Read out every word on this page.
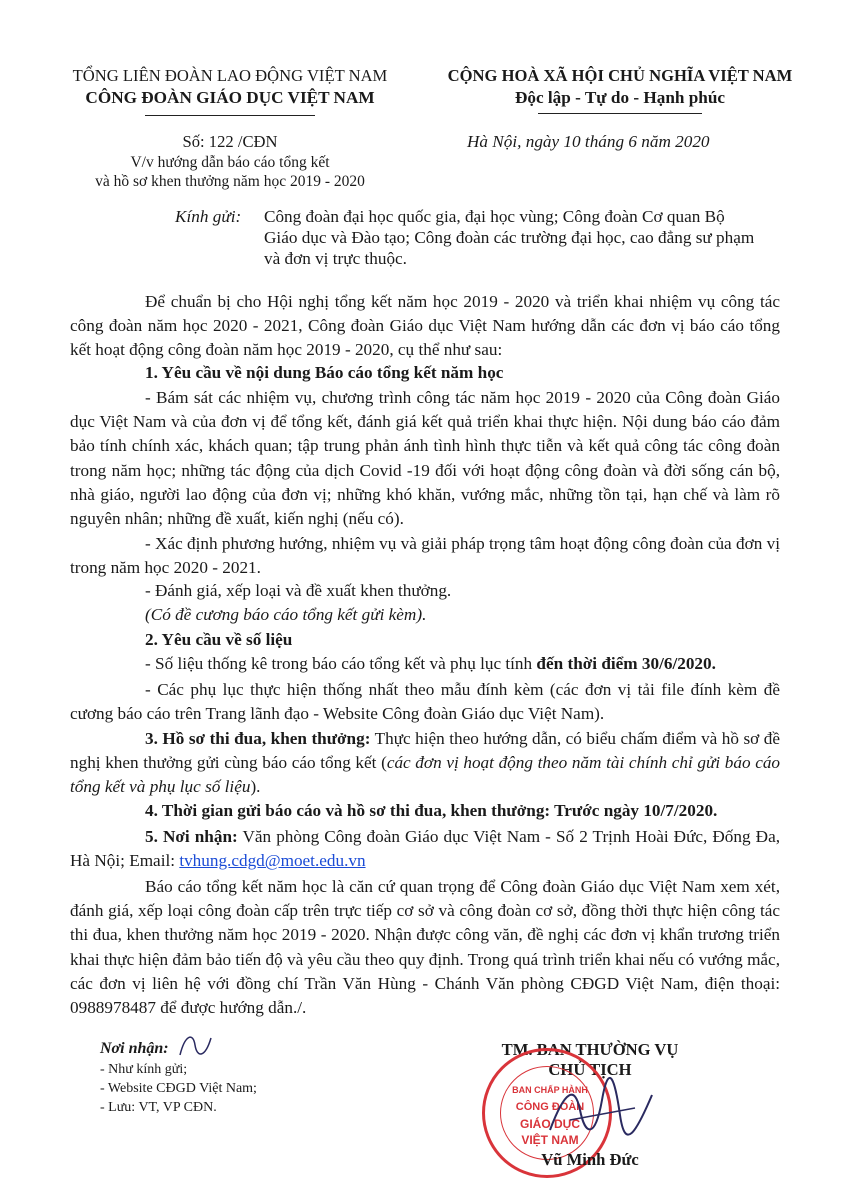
TỔNG LIÊN ĐOÀN LAO ĐỘNG VIỆT NAM
CÔNG ĐOÀN GIÁO DỤC VIỆT NAM
Số: 122 /CĐN
V/v hướng dẫn báo cáo tổng kết
và hồ sơ khen thưởng năm học 2019 - 2020
CỘNG HOÀ XÃ HỘI CHỦ NGHĨA VIỆT NAM
Độc lập - Tự do - Hạnh phúc
Hà Nội, ngày 10 tháng 6 năm 2020
Kính gửi: Công đoàn đại học quốc gia, đại học vùng; Công đoàn Cơ quan Bộ
Giáo dục và Đào tạo; Công đoàn các trường đại học, cao đẳng sư phạm
và đơn vị trực thuộc.
Để chuẩn bị cho Hội nghị tổng kết năm học 2019 - 2020 và triển khai nhiệm vụ công tác công đoàn năm học 2020 - 2021, Công đoàn Giáo dục Việt Nam hướng dẫn các đơn vị báo cáo tổng kết hoạt động công đoàn năm học 2019 - 2020, cụ thể như sau:
1. Yêu cầu về nội dung Báo cáo tổng kết năm học
- Bám sát các nhiệm vụ, chương trình công tác năm học 2019 - 2020 của Công đoàn Giáo dục Việt Nam và của đơn vị để tổng kết, đánh giá kết quả triển khai thực hiện. Nội dung báo cáo đảm bảo tính chính xác, khách quan; tập trung phản ánh tình hình thực tiễn và kết quả công tác công đoàn trong năm học; những tác động của dịch Covid -19 đối với hoạt động công đoàn và đời sống cán bộ, nhà giáo, người lao động của đơn vị; những khó khăn, vướng mắc, những tồn tại, hạn chế và làm rõ nguyên nhân; những đề xuất, kiến nghị (nếu có).
- Xác định phương hướng, nhiệm vụ và giải pháp trọng tâm hoạt động công đoàn của đơn vị trong năm học 2020 - 2021.
- Đánh giá, xếp loại và đề xuất khen thưởng.
(Có đề cương báo cáo tổng kết gửi kèm).
2. Yêu cầu về số liệu
- Số liệu thống kê trong báo cáo tổng kết và phụ lục tính đến thời điểm 30/6/2020.
- Các phụ lục thực hiện thống nhất theo mẫu đính kèm (các đơn vị tải file đính kèm đề cương báo cáo trên Trang lãnh đạo - Website Công đoàn Giáo dục Việt Nam).
3. Hồ sơ thi đua, khen thưởng: Thực hiện theo hướng dẫn, có biểu chấm điểm và hồ sơ đề nghị khen thưởng gửi cùng báo cáo tổng kết (các đơn vị hoạt động theo năm tài chính chỉ gửi báo cáo tổng kết và phụ lục số liệu).
4. Thời gian gửi báo cáo và hồ sơ thi đua, khen thưởng: Trước ngày 10/7/2020.
5. Nơi nhận: Văn phòng Công đoàn Giáo dục Việt Nam - Số 2 Trịnh Hoài Đức, Đống Đa, Hà Nội; Email: tvhung.cdgd@moet.edu.vn
Báo cáo tổng kết năm học là căn cứ quan trọng để Công đoàn Giáo dục Việt Nam xem xét, đánh giá, xếp loại công đoàn cấp trên trực tiếp cơ sở và công đoàn cơ sở, đồng thời thực hiện công tác thi đua, khen thưởng năm học 2019 - 2020. Nhận được công văn, đề nghị các đơn vị khẩn trương triển khai thực hiện đảm bảo tiến độ và yêu cầu theo quy định. Trong quá trình triển khai nếu có vướng mắc, các đơn vị liên hệ với đồng chí Trần Văn Hùng - Chánh Văn phòng CĐGD Việt Nam, điện thoại: 0988978487 để được hướng dẫn./.
Nơi nhận:
- Như kính gửi;
- Website CĐGD Việt Nam;
- Lưu: VT, VP CĐN.
TM. BAN THƯỜNG VỤ
CHỦ TỊCH
BAN CHẤP HÀNH
CÔNG ĐOÀN
GIÁO DỤC
VIỆT NAM
Vũ Minh Đức
